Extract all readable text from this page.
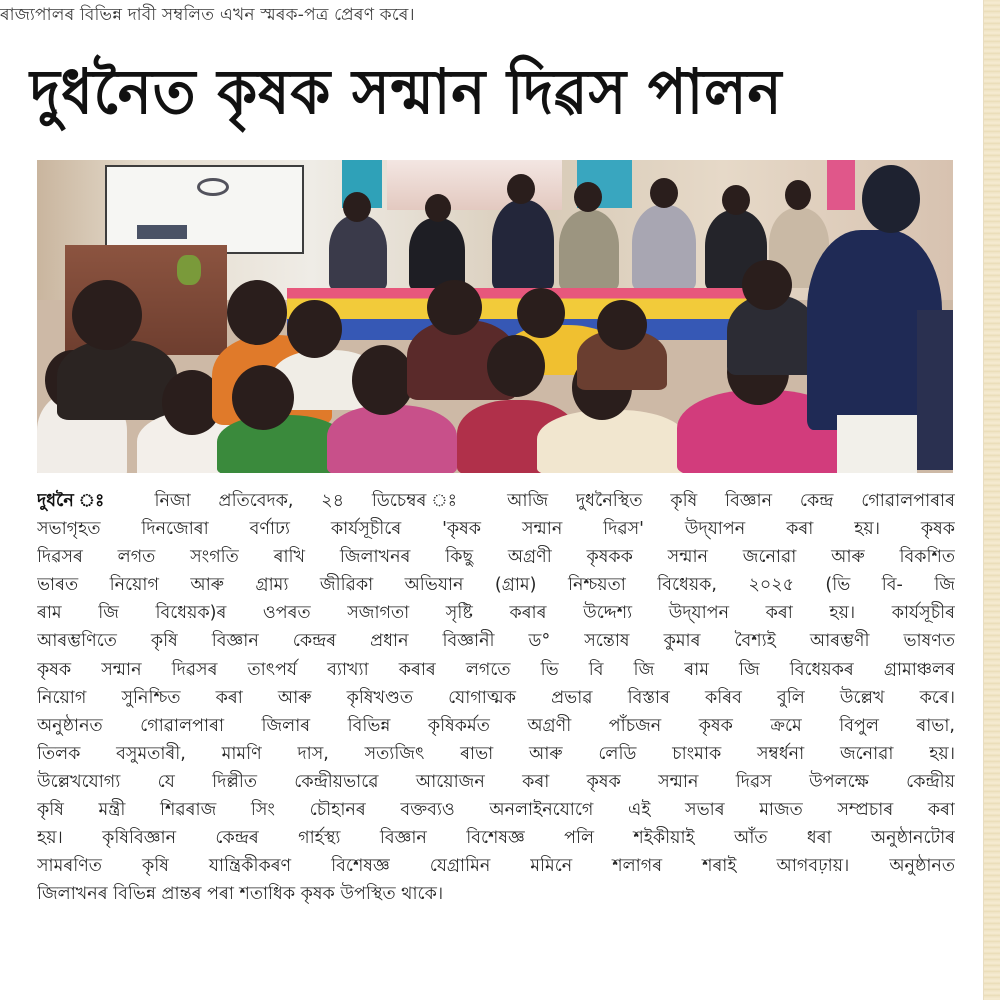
ৰাজ্যপালৰ বিভিন্ন দাবী সম্বলিত এখন স্মৰক-পত্ৰ প্ৰেৰণ কৰে।
দুধনৈত কৃষক সন্মান দিৱস পালন
দুধনৈ ঃ নিজা প্ৰতিবেদক, ২৪ ডিচেম্বৰ ঃ আজি দুধনৈস্থিত কৃষি বিজ্ঞান কেন্দ্ৰ গোৱালপাৰাৰ
সভাগৃহত দিনজোৰা বৰ্ণাঢ্য কাৰ্যসূচীৰে 'কৃষক সন্মান দিৱস' উদ্‌যাপন কৰা হয়। কৃষক
দিৱসৰ লগত সংগতি ৰাখি জিলাখনৰ কিছু অগ্ৰণী কৃষকক সন্মান জনোৱা আৰু বিকশিত
ভাৰত নিয়োগ আৰু গ্ৰাম্য জীৱিকা অভিযান (গ্ৰাম) নিশ্চয়তা বিধেয়ক, ২০২৫ (ভি বি- জি
ৰাম জি বিধেয়ক)ৰ ওপৰত সজাগতা সৃষ্টি কৰাৰ উদ্দেশ্য উদ্‌যাপন কৰা হয়। কাৰ্যসূচীৰ
আৰম্ভণিতে কৃষি বিজ্ঞান কেন্দ্ৰৰ প্ৰধান বিজ্ঞানী ড° সন্তোষ কুমাৰ বৈশ্যই আৰম্ভণী ভাষণত
কৃষক সন্মান দিৱসৰ তাৎপৰ্য ব্যাখ্যা কৰাৰ লগতে ভি বি জি ৰাম জি বিধেয়কৰ গ্ৰামাঞ্চলৰ
নিয়োগ সুনিশ্চিত কৰা আৰু কৃষিখণ্ডত যোগাত্মক প্ৰভাৱ বিস্তাৰ কৰিব বুলি উল্লেখ কৰে।
অনুষ্ঠানত গোৱালপাৰা জিলাৰ বিভিন্ন কৃষিকৰ্মত অগ্ৰণী পাঁচজন কৃষক ক্ৰমে বিপুল ৰাভা,
তিলক বসুমতাৰী, মামণি দাস, সত্যজিৎ ৰাভা আৰু লেডি চাংমাক সম্বৰ্ধনা জনোৱা হয়।
উল্লেখযোগ্য যে দিল্লীত কেন্দ্ৰীয়ভাৱে আয়োজন কৰা কৃষক সন্মান দিৱস উপলক্ষে কেন্দ্ৰীয়
কৃষি মন্ত্ৰী শিৱৰাজ সিং চৌহানৰ বক্তব্যও অনলাইনযোগে এই সভাৰ মাজত সম্প্ৰচাৰ কৰা
হয়। কৃষিবিজ্ঞান কেন্দ্ৰৰ গাৰ্হস্থ্য বিজ্ঞান বিশেষজ্ঞ পলি শইকীয়াই আঁত ধৰা অনুষ্ঠানটোৰ
সামৰণিত কৃষি যান্ত্ৰিকীকৰণ বিশেষজ্ঞ যেগ্ৰামিন মমিনে শলাগৰ শৰাই আগবঢ়ায়। অনুষ্ঠানত
জিলাখনৰ বিভিন্ন প্ৰান্তৰ পৰা শতাধিক কৃষক উপস্থিত থাকে।
